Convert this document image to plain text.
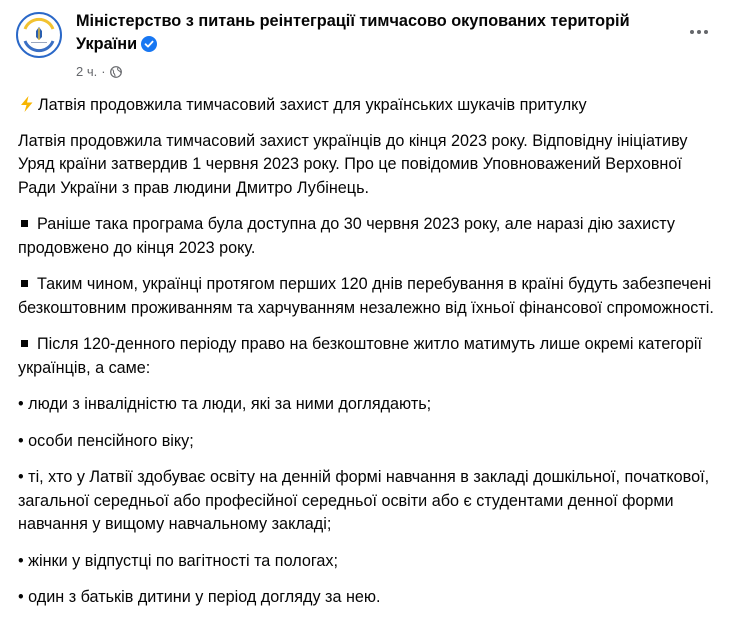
Міністерство з питань реінтеграції тимчасово окупованих територій України
2 ч. ·

Латвія продовжила тимчасовий захист для українських шукачів притулку

Латвія продовжила тимчасовий захист українців до кінця 2023 року. Відповідну ініціативу Уряд країни затвердив 1 червня 2023 року. Про це повідомив Уповноважений Верховної Ради України з прав людини Дмитро Лубінець.

Раніше така програма була доступна до 30 червня 2023 року, але наразі дію захисту продовжено до кінця 2023 року.

Таким чином, українці протягом перших 120 днів перебування в країні будуть забезпечені безкоштовним проживанням та харчуванням незалежно від їхньої фінансової спроможності.

Після 120-денного періоду право на безкоштовне житло матимуть лише окремі категорії українців, а саме:

• люди з інвалідністю та люди, які за ними доглядають;

• особи пенсійного віку;

• ті, хто у Латвії здобуває освіту на денній формі навчання в закладі дошкільної, початкової, загальної середньої або професійної середньої освіти або є студентами денної форми навчання у вищому навчальному закладі;

• жінки у відпустці по вагітності та пологах;

• один з батьків дитини у період догляду за нею.
